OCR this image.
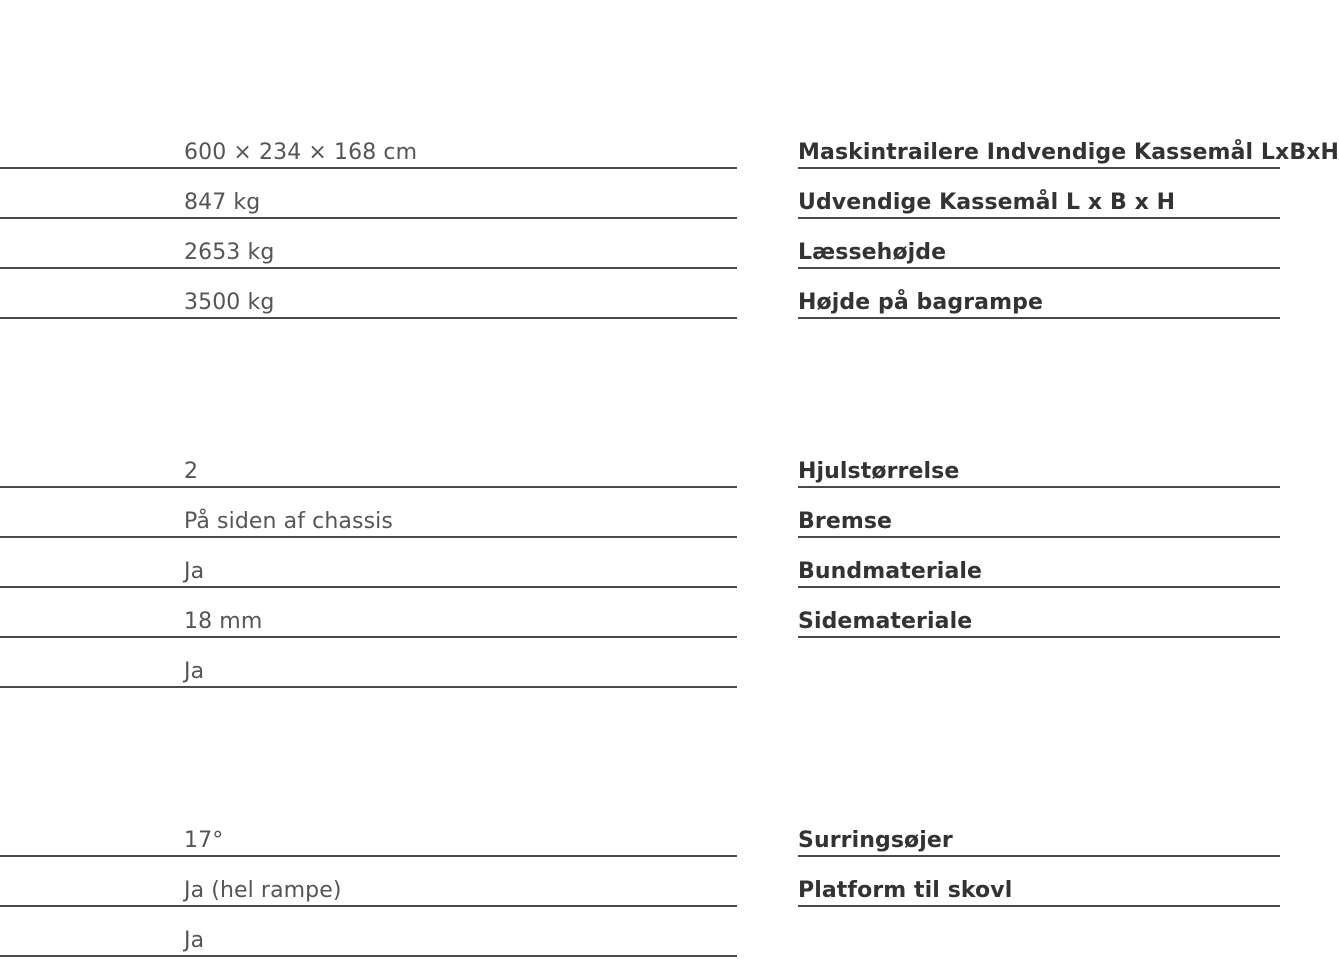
600 × 234 × 168 cm	Maskintrailere Indvendige Kassemål LxBxH
847 kg	Udvendige Kassemål L x B x H
2653 kg	Læssehøjde
3500 kg	Højde på bagrampe
2	Hjulstørrelse
På siden af chassis	Bremse
Ja	Bundmateriale
18 mm	Sidemateriale
Ja
17°	Surringsøjer
Ja (hel rampe)	Platform til skovl
Ja
